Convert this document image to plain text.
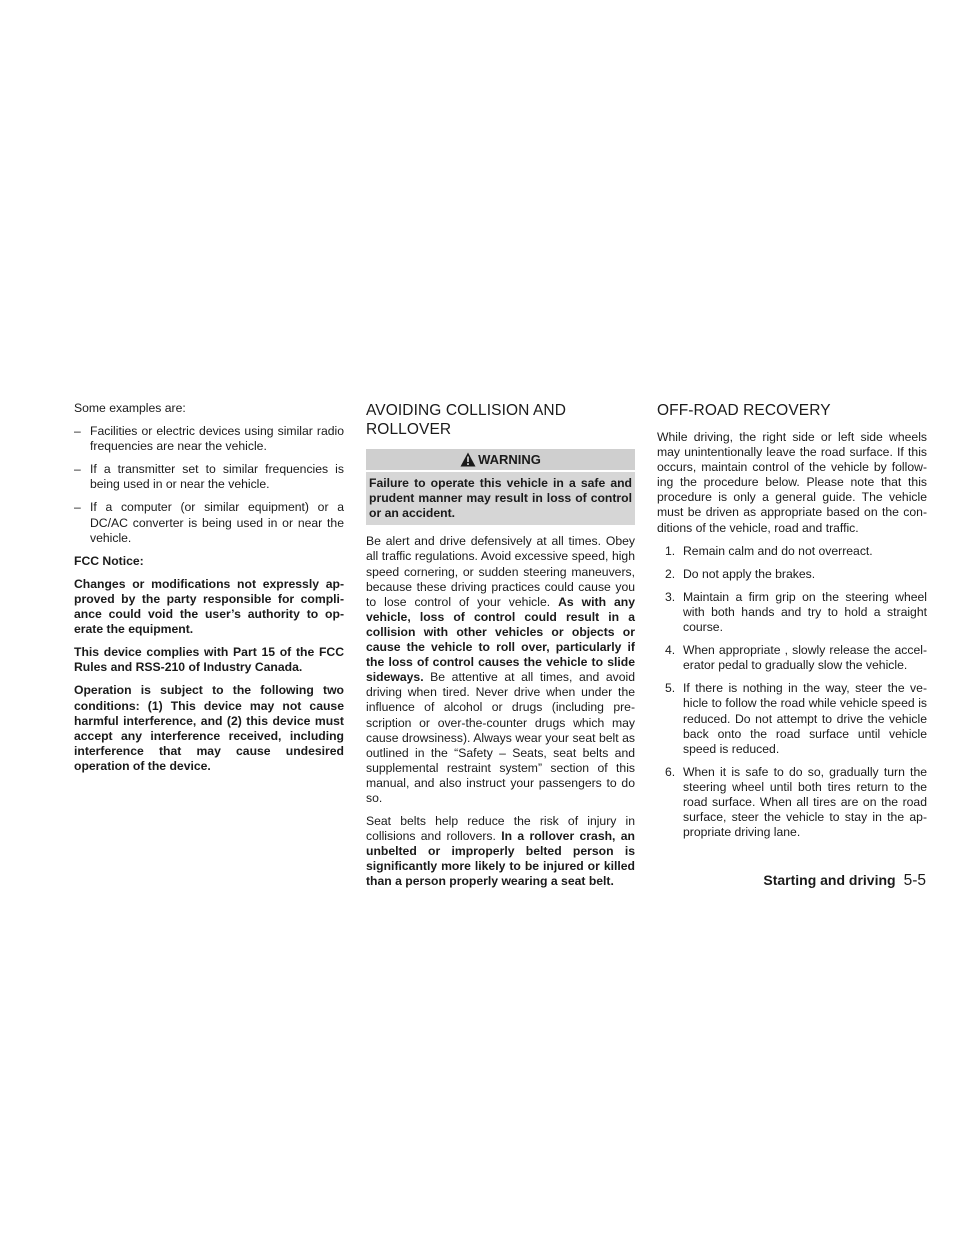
Some examples are:

– Facilities or electric devices using similar radio frequencies are near the vehicle.
– If a transmitter set to similar frequencies is being used in or near the vehicle.
– If a computer (or similar equipment) or a DC/AC converter is being used in or near the vehicle.

FCC Notice:

Changes or modifications not expressly approved by the party responsible for compliance could void the user’s authority to operate the equipment.

This device complies with Part 15 of the FCC Rules and RSS-210 of Industry Canada.

Operation is subject to the following two conditions: (1) This device may not cause harmful interference, and (2) this device must accept any interference received, including interference that may cause undesired operation of the device.

AVOIDING COLLISION AND ROLLOVER
WARNING
Failure to operate this vehicle in a safe and prudent manner may result in loss of control or an accident.

Be alert and drive defensively at all times. Obey all traffic regulations. Avoid excessive speed, high speed cornering, or sudden steering maneuvers, because these driving practices could cause you to lose control of your vehicle. As with any vehicle, loss of control could result in a collision with other vehicles or objects or cause the vehicle to roll over, particularly if the loss of control causes the vehicle to slide sideways. Be attentive at all times, and avoid driving when tired. Never drive when under the influence of alcohol or drugs (including prescription or over-the-counter drugs which may cause drowsiness). Always wear your seat belt as outlined in the “Safety – Seats, seat belts and supplemental restraint system” section of this manual, and also instruct your passengers to do so.

Seat belts help reduce the risk of injury in collisions and rollovers. In a rollover crash, an unbelted or improperly belted person is significantly more likely to be injured or killed than a person properly wearing a seat belt.

OFF-ROAD RECOVERY

While driving, the right side or left side wheels may unintentionally leave the road surface. If this occurs, maintain control of the vehicle by following the procedure below. Please note that this procedure is only a general guide. The vehicle must be driven as appropriate based on the conditions of the vehicle, road and traffic.

1. Remain calm and do not overreact.
2. Do not apply the brakes.
3. Maintain a firm grip on the steering wheel with both hands and try to hold a straight course.
4. When appropriate , slowly release the accelerator pedal to gradually slow the vehicle.
5. If there is nothing in the way, steer the vehicle to follow the road while vehicle speed is reduced. Do not attempt to drive the vehicle back onto the road surface until vehicle speed is reduced.
6. When it is safe to do so, gradually turn the steering wheel until both tires return to the road surface. When all tires are on the road surface, steer the vehicle to stay in the appropriate driving lane.
Starting and driving 5-5
